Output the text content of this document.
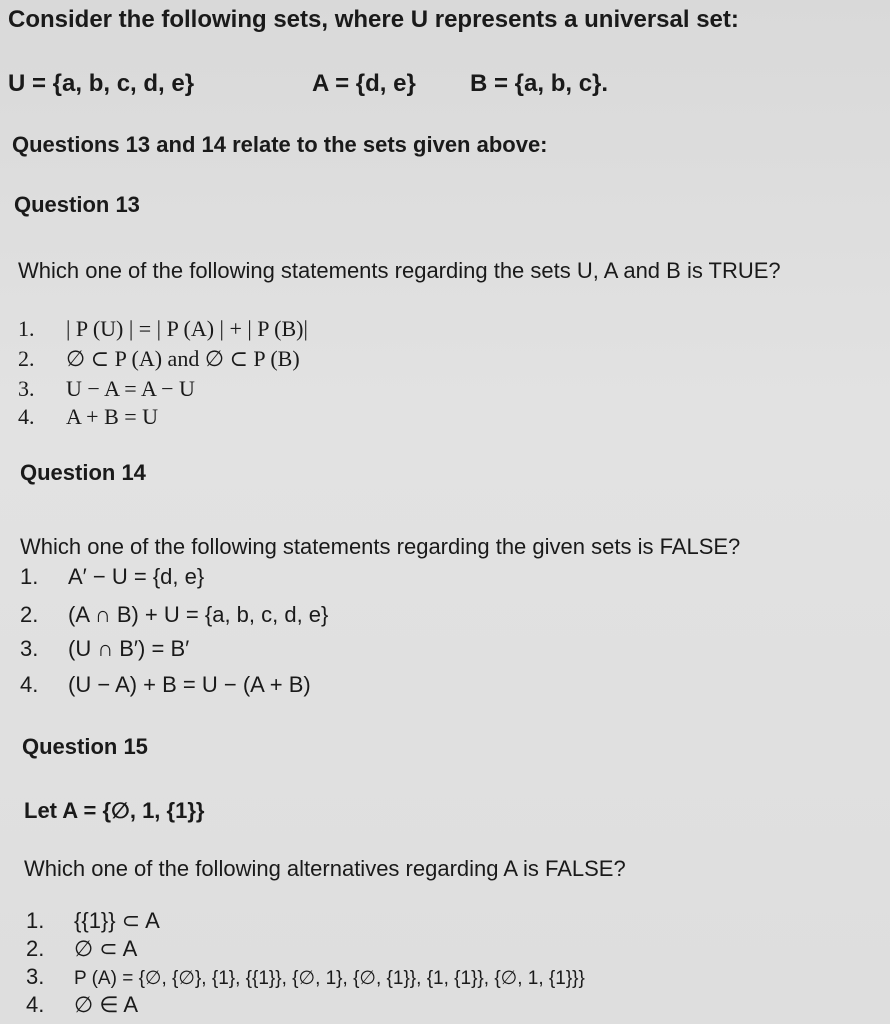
Consider the following sets, where U represents a universal set:
U = {a, b, c, d, e}	A = {d, e} B = {a, b, c}.
Questions 13 and 14 relate to the sets given above:
Question 13
Which one of the following statements regarding the sets U, A and B is TRUE?
1. | P (U) | = | P (A) | + | P (B)|
2. ∅ ⊂ P (A) and ∅ ⊂ P (B)
3. U − A = A − U
4. A + B = U
Question 14
Which one of the following statements regarding the given sets is FALSE?
1. A′ − U = {d, e}
2. (A ∩ B) + U = {a, b, c, d, e}
3. (U ∩ B′) = B′
4. (U − A) + B = U − (A + B)
Question 15
Let A = {∅, 1, {1}}
Which one of the following alternatives regarding A is FALSE?
1. {{1}} ⊂ A
2. ∅ ⊂ A
3. P (A) = {∅, {∅}, {1}, {{1}}, {∅, 1}, {∅, {1}}, {1, {1}}, {∅, 1, {1}}}
4. ∅ ∈ A
